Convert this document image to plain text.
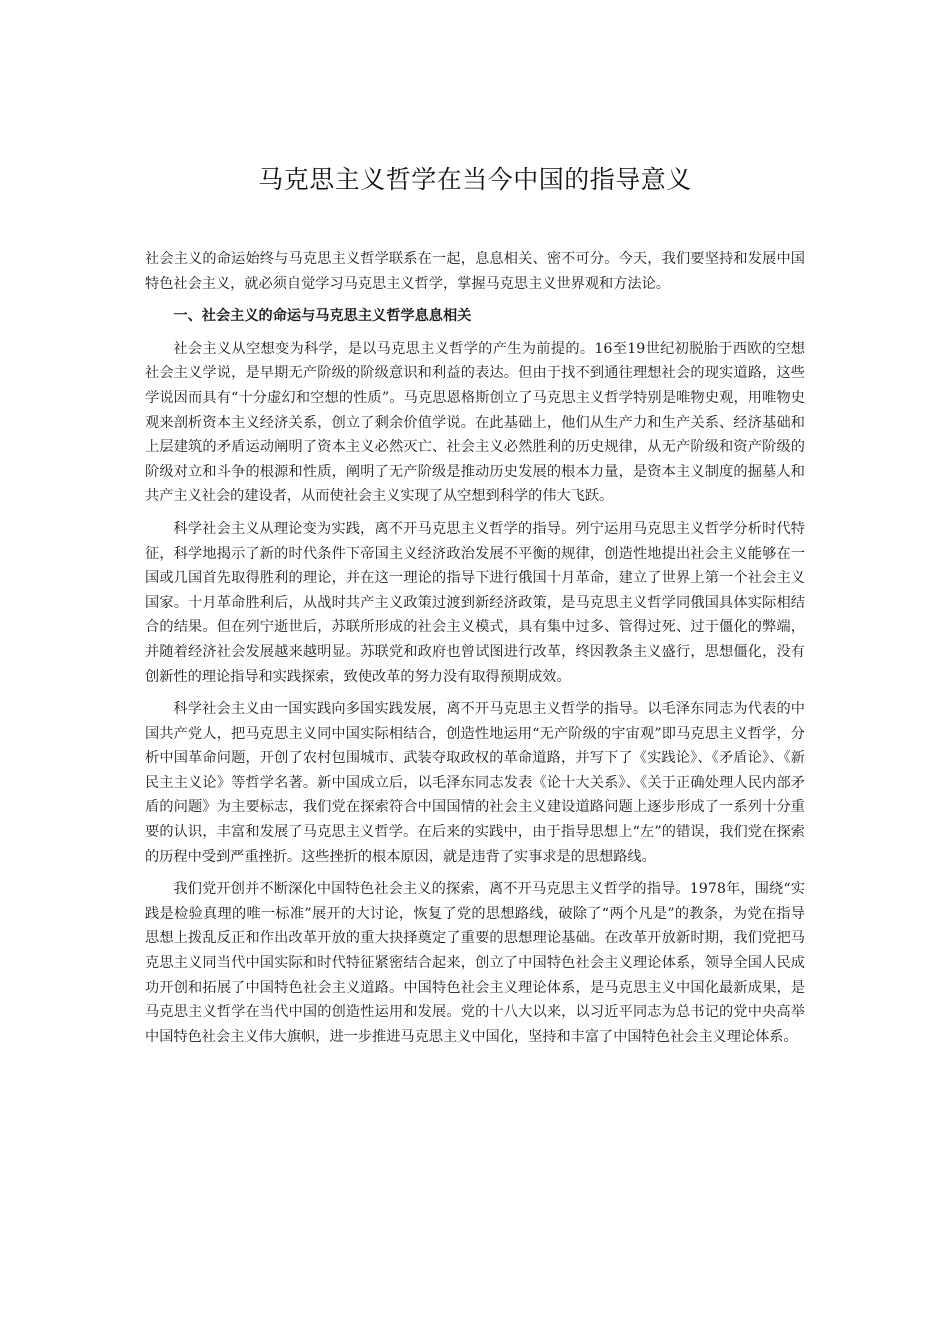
马克思主义哲学在当今中国的指导意义

社会主义的命运始终与马克思主义哲学联系在一起，息息相关、密不可分。今天，我们要坚持和发展中国特色社会主义，就必须自觉学习马克思主义哲学，掌握马克思主义世界观和方法论。

一、社会主义的命运与马克思主义哲学息息相关

社会主义从空想变为科学，是以马克思主义哲学的产生为前提的。16至19世纪初脱胎于西欧的空想社会主义学说，是早期无产阶级的阶级意识和利益的表达。但由于找不到通往理想社会的现实道路，这些学说因而具有“十分虚幻和空想的性质”。马克思恩格斯创立了马克思主义哲学特别是唯物史观，用唯物史观来剖析资本主义经济关系，创立了剩余价值学说。在此基础上，他们从生产力和生产关系、经济基础和上层建筑的矛盾运动阐明了资本主义必然灭亡、社会主义必然胜利的历史规律，从无产阶级和资产阶级的阶级对立和斗争的根源和性质，阐明了无产阶级是推动历史发展的根本力量，是资本主义制度的掘墓人和共产主义社会的建设者，从而使社会主义实现了从空想到科学的伟大飞跃。

科学社会主义从理论变为实践，离不开马克思主义哲学的指导。列宁运用马克思主义哲学分析时代特征，科学地揭示了新的时代条件下帝国主义经济政治发展不平衡的规律，创造性地提出社会主义能够在一国或几国首先取得胜利的理论，并在这一理论的指导下进行俄国十月革命，建立了世界上第一个社会主义国家。十月革命胜利后，从战时共产主义政策过渡到新经济政策，是马克思主义哲学同俄国具体实际相结合的结果。但在列宁逝世后，苏联所形成的社会主义模式，具有集中过多、管得过死、过于僵化的弊端，并随着经济社会发展越来越明显。苏联党和政府也曾试图进行改革，终因教条主义盛行，思想僵化，没有创新性的理论指导和实践探索，致使改革的努力没有取得预期成效。

科学社会主义由一国实践向多国实践发展，离不开马克思主义哲学的指导。以毛泽东同志为代表的中国共产党人，把马克思主义同中国实际相结合，创造性地运用“无产阶级的宇宙观”即马克思主义哲学，分析中国革命问题，开创了农村包围城市、武装夺取政权的革命道路，并写下了《实践论》、《矛盾论》、《新民主主义论》等哲学名著。新中国成立后，以毛泽东同志发表《论十大关系》、《关于正确处理人民内部矛盾的问题》为主要标志，我们党在探索符合中国国情的社会主义建设道路问题上逐步形成了一系列十分重要的认识，丰富和发展了马克思主义哲学。在后来的实践中，由于指导思想上“左”的错误，我们党在探索的历程中受到严重挫折。这些挫折的根本原因，就是违背了实事求是的思想路线。

我们党开创并不断深化中国特色社会主义的探索，离不开马克思主义哲学的指导。1978年，围绕“实践是检验真理的唯一标准”展开的大讨论，恢复了党的思想路线，破除了“两个凡是”的教条，为党在指导思想上拨乱反正和作出改革开放的重大抉择奠定了重要的思想理论基础。在改革开放新时期，我们党把马克思主义同当代中国实际和时代特征紧密结合起来，创立了中国特色社会主义理论体系，领导全国人民成功开创和拓展了中国特色社会主义道路。中国特色社会主义理论体系，是马克思主义中国化最新成果，是马克思主义哲学在当代中国的创造性运用和发展。党的十八大以来，以习近平同志为总书记的党中央高举中国特色社会主义伟大旗帜，进一步推进马克思主义中国化，坚持和丰富了中国特色社会主义理论体系。
